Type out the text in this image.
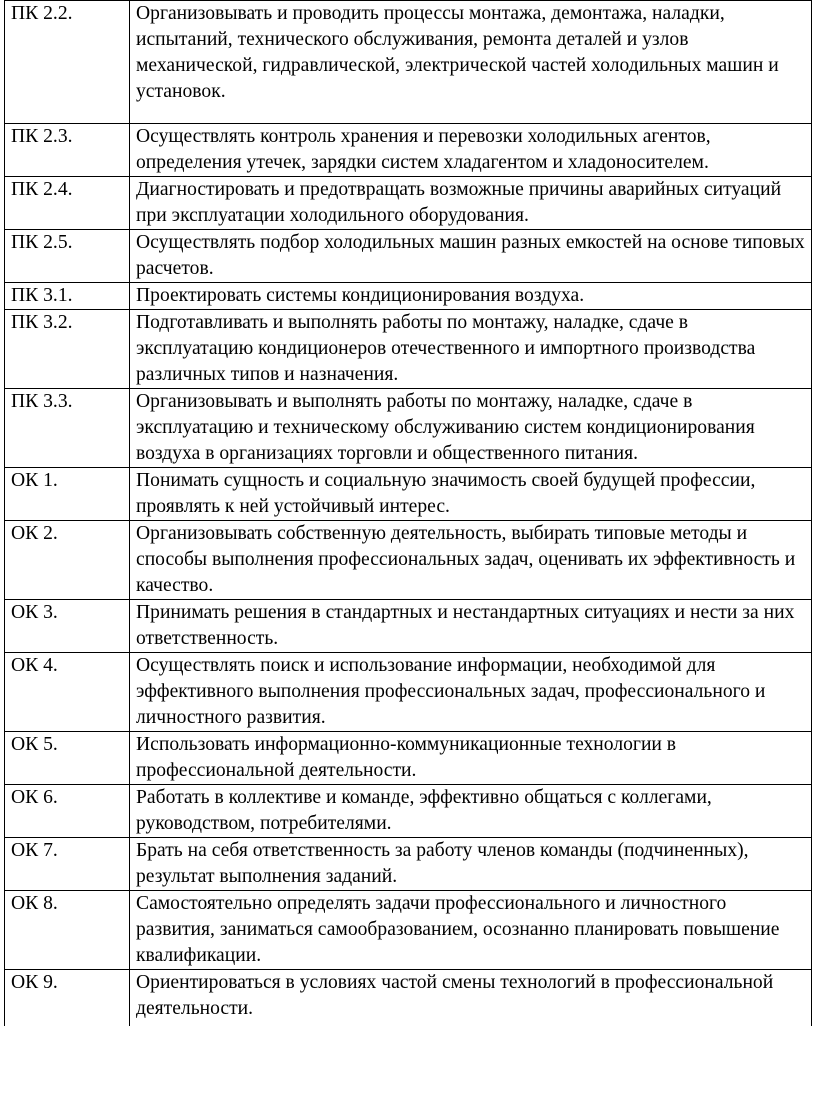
ПК 2.2.	Организовывать и проводить процессы монтажа, демонтажа, наладки, испытаний, технического обслуживания, ремонта деталей и узлов механической, гидравлической, электрической частей холодильных машин и установок.
ПК 2.3.	Осуществлять контроль хранения и перевозки холодильных агентов, определения утечек, зарядки систем хладагентом и хладоносителем.
ПК 2.4.	Диагностировать и предотвращать возможные причины аварийных ситуаций при эксплуатации холодильного оборудования.
ПК 2.5.	Осуществлять подбор холодильных машин разных емкостей на основе типовых расчетов.
ПК 3.1.	Проектировать системы кондиционирования воздуха.
ПК 3.2.	Подготавливать и выполнять работы по монтажу, наладке, сдаче в эксплуатацию кондиционеров отечественного и импортного производства различных типов и назначения.
ПК 3.3.	Организовывать и выполнять работы по монтажу, наладке, сдаче в эксплуатацию и техническому обслуживанию систем кондиционирования воздуха в организациях торговли и общественного питания.
ОК 1.	Понимать сущность и социальную значимость своей будущей профессии, проявлять к ней устойчивый интерес.
ОК 2.	Организовывать собственную деятельность, выбирать типовые методы и способы выполнения профессиональных задач, оценивать их эффективность и качество.
ОК 3.	Принимать решения в стандартных и нестандартных ситуациях и нести за них ответственность.
ОК 4.	Осуществлять поиск и использование информации, необходимой для эффективного выполнения профессиональных задач, профессионального и личностного развития.
ОК 5.	Использовать информационно-коммуникационные технологии в профессиональной деятельности.
ОК 6.	Работать в коллективе и команде, эффективно общаться с коллегами, руководством, потребителями.
ОК 7.	Брать на себя ответственность за работу членов команды (подчиненных), результат выполнения заданий.
ОК 8.	Самостоятельно определять задачи профессионального и личностного развития, заниматься самообразованием, осознанно планировать повышение квалификации.
ОК 9.	Ориентироваться в условиях частой смены технологий в профессиональной деятельности.
